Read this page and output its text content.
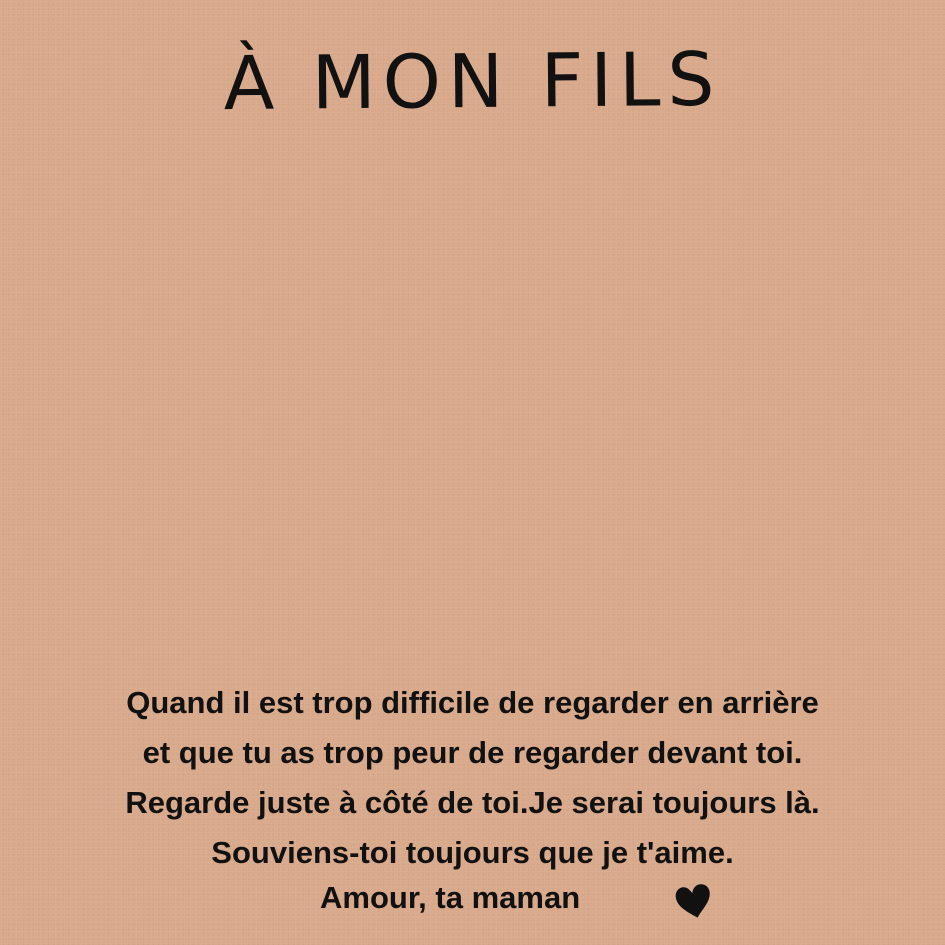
À MON FILS
Quand il est trop difficile de regarder en arrière
et que tu as trop peur de regarder devant toi.
Regarde juste à côté de toi.Je serai toujours là.
Souviens-toi toujours que je t'aime.
Amour, ta maman
